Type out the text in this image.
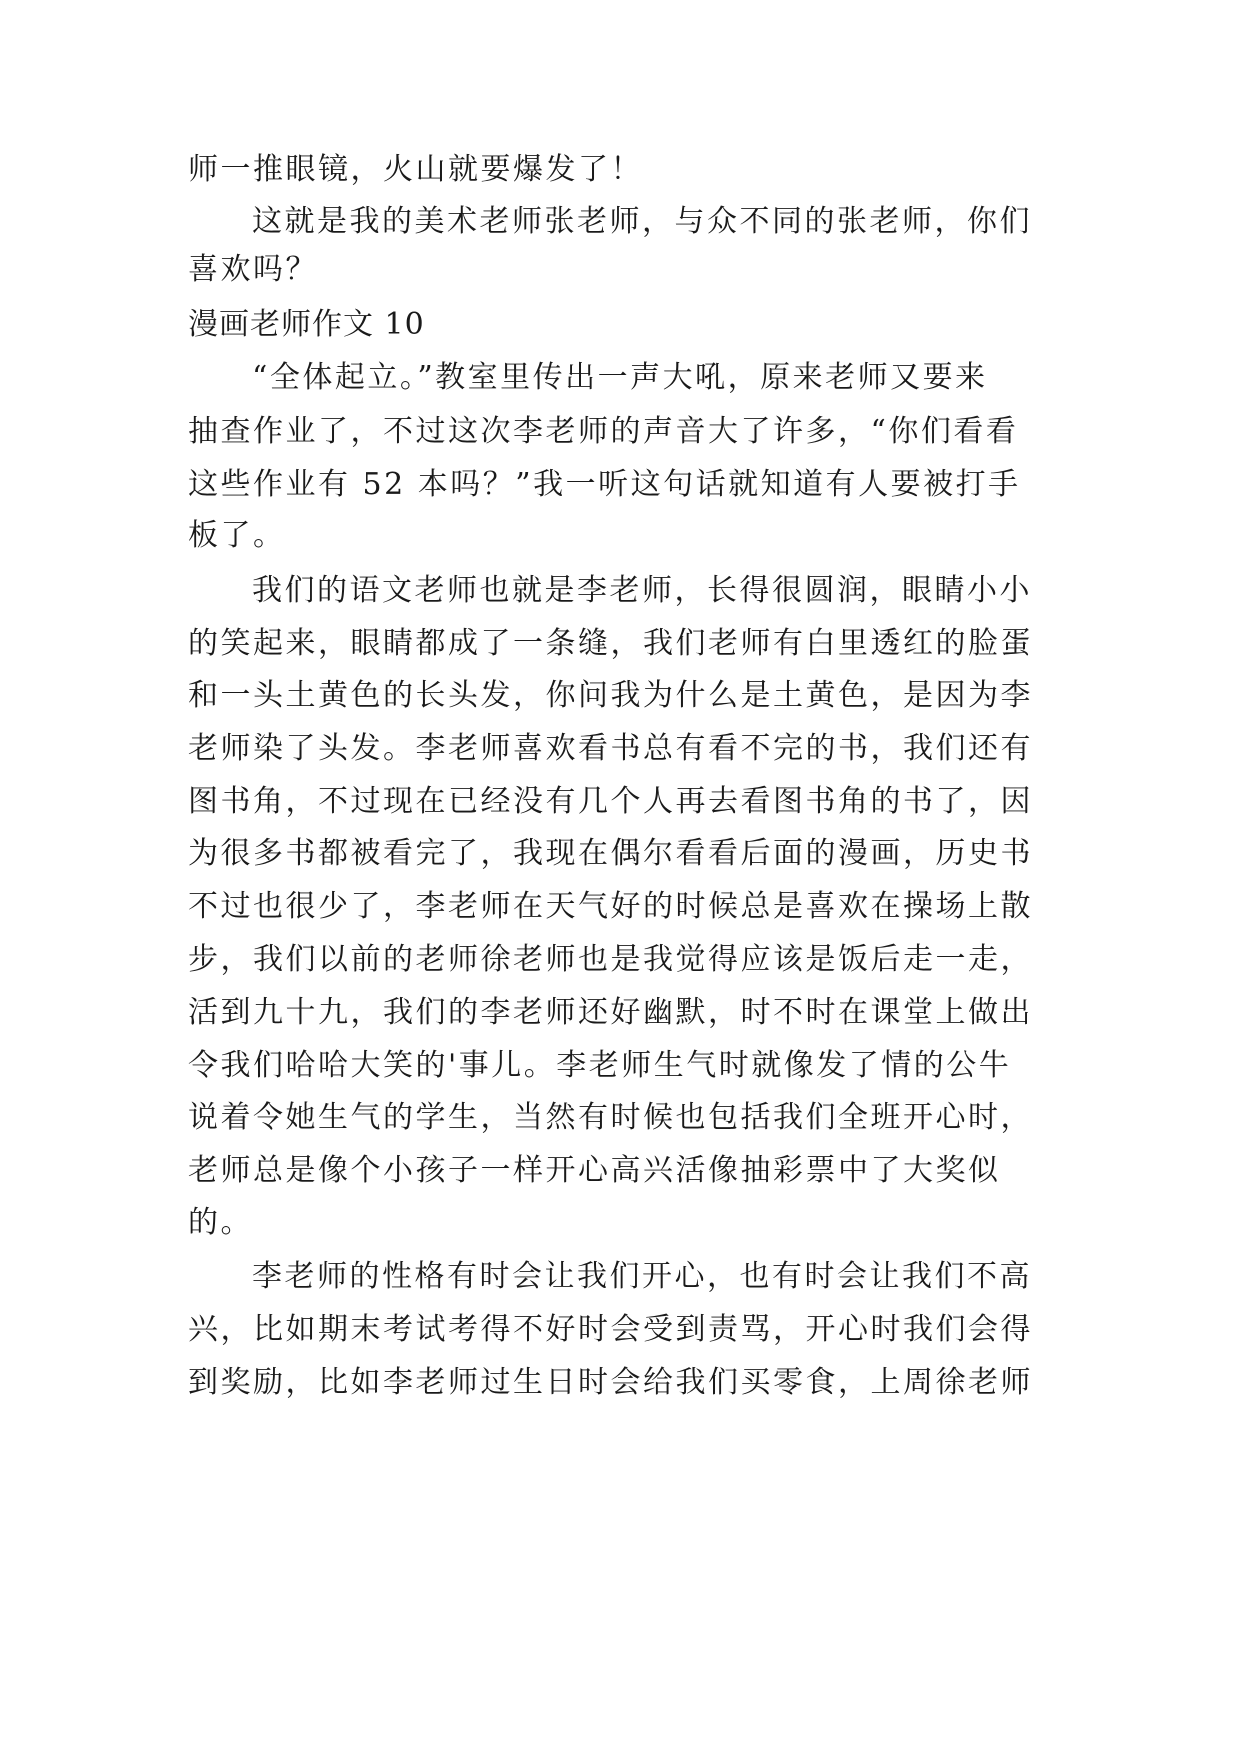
师一推眼镜，火山就要爆发了！
这就是我的美术老师张老师，与众不同的张老师，你们
喜欢吗？
漫画老师作文 10
“全体起立。”教室里传出一声大吼，原来老师又要来
抽查作业了，不过这次李老师的声音大了许多，“你们看看
这些作业有 52 本吗？”我一听这句话就知道有人要被打手
板了。
我们的语文老师也就是李老师，长得很圆润，眼睛小小
的笑起来，眼睛都成了一条缝，我们老师有白里透红的脸蛋
和一头土黄色的长头发，你问我为什么是土黄色，是因为李
老师染了头发。李老师喜欢看书总有看不完的书，我们还有
图书角，不过现在已经没有几个人再去看图书角的书了，因
为很多书都被看完了，我现在偶尔看看后面的漫画，历史书
不过也很少了，李老师在天气好的时候总是喜欢在操场上散
步，我们以前的老师徐老师也是我觉得应该是饭后走一走，
活到九十九，我们的李老师还好幽默，时不时在课堂上做出
令我们哈哈大笑的'事儿。李老师生气时就像发了情的公牛
说着令她生气的学生，当然有时候也包括我们全班开心时，
老师总是像个小孩子一样开心高兴活像抽彩票中了大奖似
的。
李老师的性格有时会让我们开心，也有时会让我们不高
兴，比如期末考试考得不好时会受到责骂，开心时我们会得
到奖励，比如李老师过生日时会给我们买零食，上周徐老师
